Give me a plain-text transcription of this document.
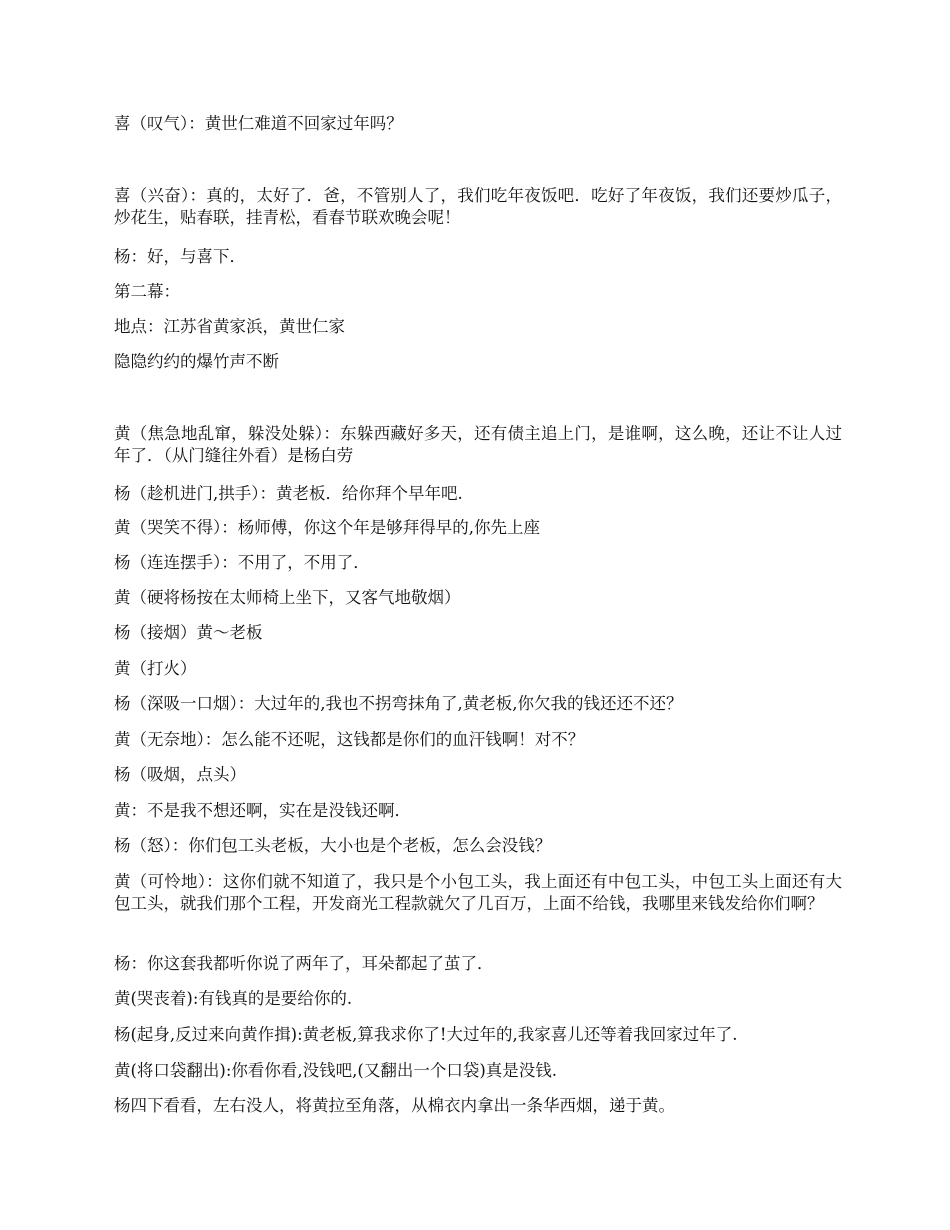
喜（叹气）：黄世仁难道不回家过年吗？
喜（兴奋）：真的，太好了．爸，不管别人了，我们吃年夜饭吧．吃好了年夜饭，我们还要炒瓜子，炒花生，贴春联，挂青松，看春节联欢晚会呢！
杨：好，与喜下．
第二幕：
地点：江苏省黄家浜，黄世仁家
隐隐约约的爆竹声不断
黄（焦急地乱窜，躲没处躲）：东躲西藏好多天，还有债主追上门，是谁啊，这么晚，还让不让人过年了．（从门缝往外看）是杨白劳
杨（趁机进门,拱手）：黄老板．给你拜个早年吧.
黄（哭笑不得）：杨师傅，你这个年是够拜得早的,你先上座
杨（连连摆手）：不用了，不用了．
黄（硬将杨按在太师椅上坐下，又客气地敬烟）
杨（接烟）黄～老板
黄（打火）
杨（深吸一口烟）：大过年的,我也不拐弯抹角了,黄老板,你欠我的钱还还不还？
黄（无奈地）：怎么能不还呢，这钱都是你们的血汗钱啊！对不？
杨（吸烟，点头）
黄：不是我不想还啊，实在是没钱还啊．
杨（怒）：你们包工头老板，大小也是个老板，怎么会没钱？
黄（可怜地）：这你们就不知道了，我只是个小包工头，我上面还有中包工头，中包工头上面还有大包工头，就我们那个工程，开发商光工程款就欠了几百万，上面不给钱，我哪里来钱发给你们啊？
杨：你这套我都听你说了两年了，耳朵都起了茧了．
黄(哭丧着):有钱真的是要给你的.
杨(起身,反过来向黄作揖):黄老板,算我求你了!大过年的,我家喜儿还等着我回家过年了.
黄(将口袋翻出):你看你看,没钱吧,(又翻出一个口袋)真是没钱.
杨四下看看，左右没人，将黄拉至角落，从棉衣内拿出一条华西烟，递于黄。
